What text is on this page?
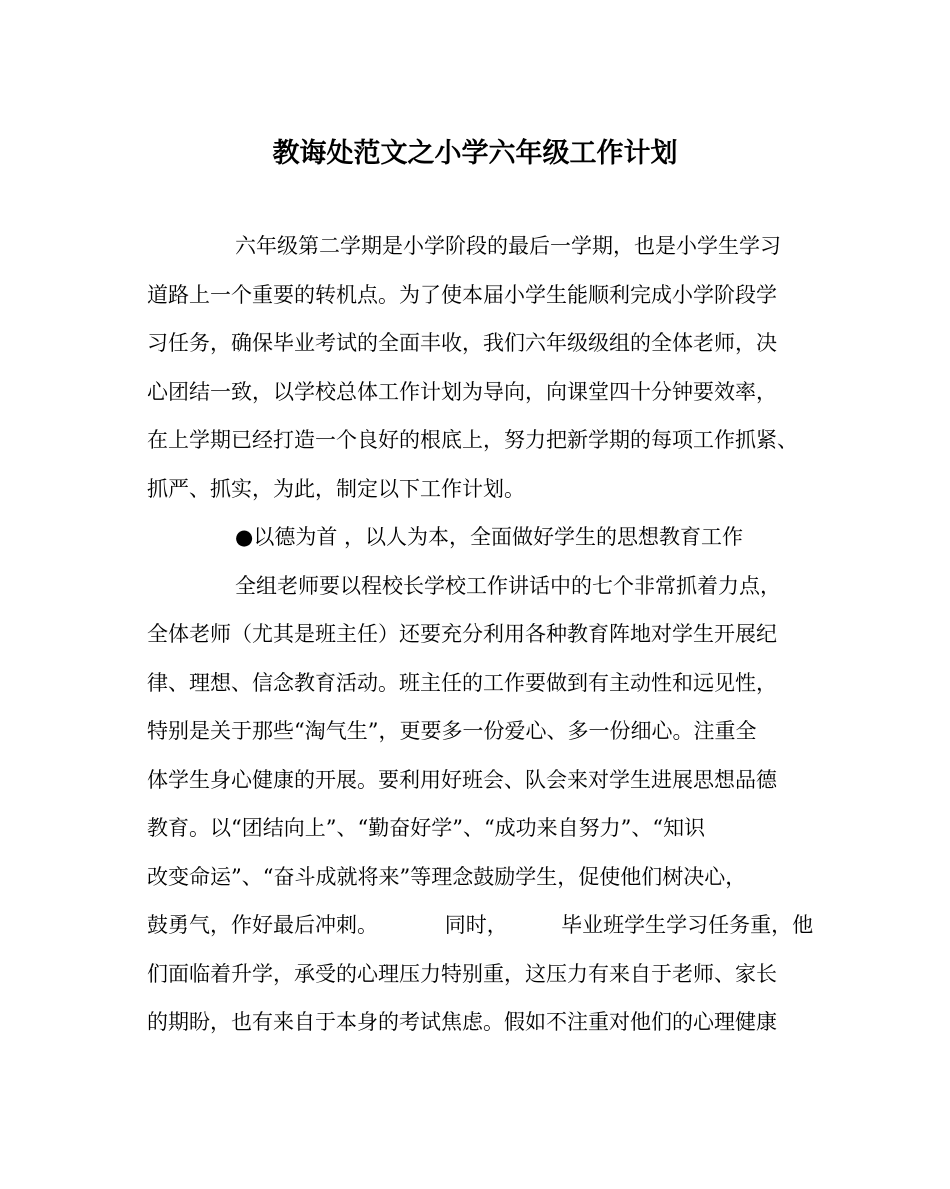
教诲处范文之小学六年级工作计划
六年级第二学期是小学阶段的最后一学期，也是小学生学习
道路上一个重要的转机点。为了使本届小学生能顺利完成小学阶段学
习任务，确保毕业考试的全面丰收，我们六年级级组的全体老师，决
心团结一致，以学校总体工作计划为导向，向课堂四十分钟要效率，
在上学期已经打造一个良好的根底上，努力把新学期的每项工作抓紧、
抓严、抓实，为此，制定以下工作计划。
●以德为首 ，以人为本，全面做好学生的思想教育工作
全组老师要以程校长学校工作讲话中的七个非常抓着力点，
全体老师（尤其是班主任）还要充分利用各种教育阵地对学生开展纪
律、理想、信念教育活动。班主任的工作要做到有主动性和远见性，
特别是关于那些“淘气生”，更要多一份爱心、多一份细心。注重全
体学生身心健康的开展。要利用好班会、队会来对学生进展思想品德
教育。以“团结向上”、“勤奋好学”、“成功来自努力”、“知识
改变命运”、“奋斗成就将来”等理念鼓励学生，促使他们树决心，
鼓勇气，作好最后冲刺。          同时，        毕业班学生学习任务重，他
们面临着升学，承受的心理压力特别重，这压力有来自于老师、家长
的期盼，也有来自于本身的考试焦虑。假如不注重对他们的心理健康
